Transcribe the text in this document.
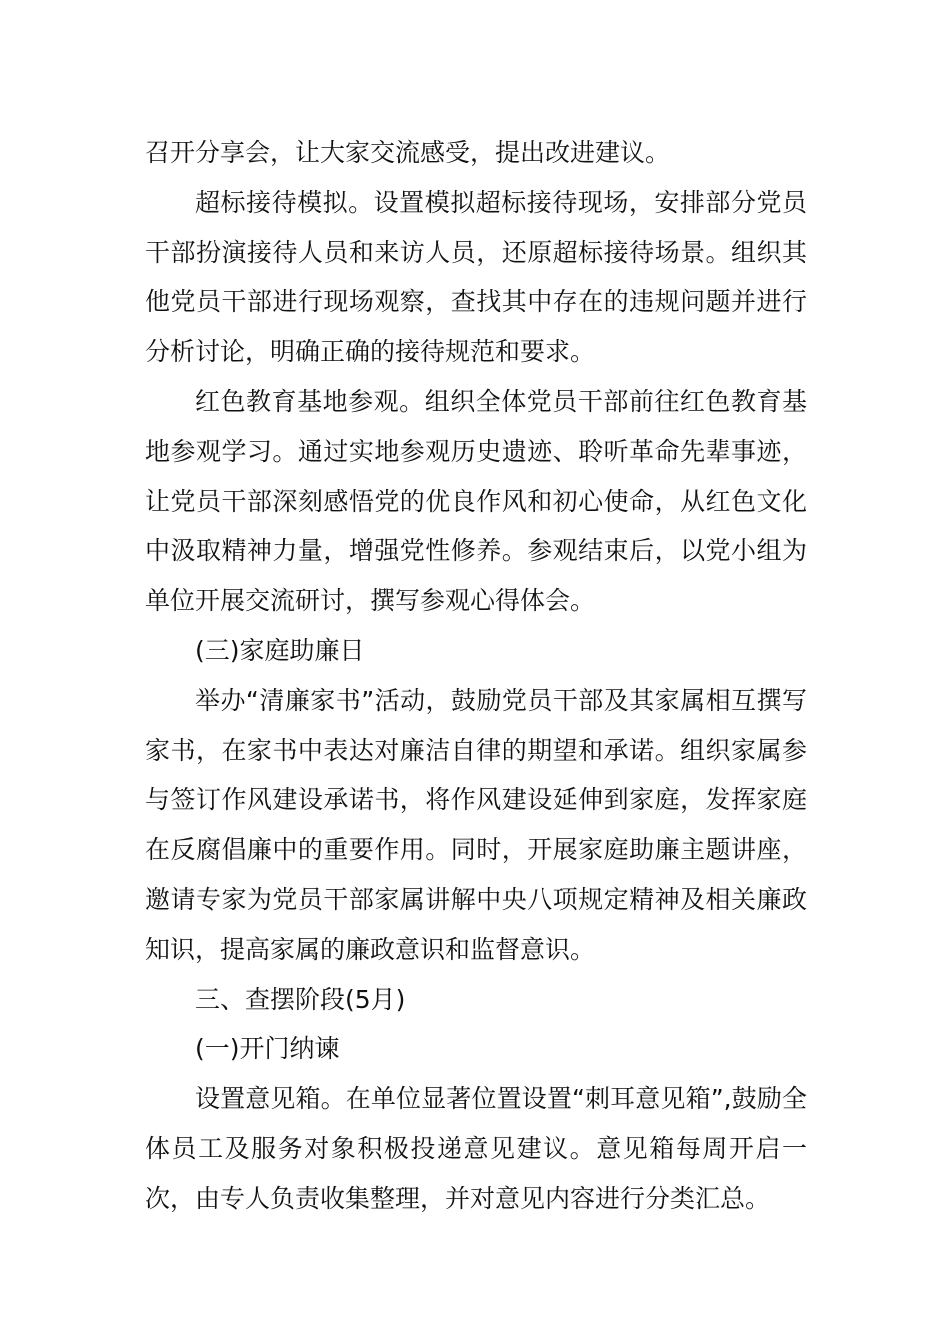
召开分享会，让大家交流感受，提出改进建议。

超标接待模拟。设置模拟超标接待现场，安排部分党员干部扮演接待人员和来访人员，还原超标接待场景。组织其他党员干部进行现场观察，查找其中存在的违规问题并进行分析讨论，明确正确的接待规范和要求。

红色教育基地参观。组织全体党员干部前往红色教育基地参观学习。通过实地参观历史遗迹、聆听革命先辈事迹，让党员干部深刻感悟党的优良作风和初心使命，从红色文化中汲取精神力量，增强党性修养。参观结束后，以党小组为单位开展交流研讨，撰写参观心得体会。

(三)家庭助廉日

举办“清廉家书”活动，鼓励党员干部及其家属相互撰写家书，在家书中表达对廉洁自律的期望和承诺。组织家属参与签订作风建设承诺书，将作风建设延伸到家庭，发挥家庭在反腐倡廉中的重要作用。同时，开展家庭助廉主题讲座，邀请专家为党员干部家属讲解中央八项规定精神及相关廉政知识，提高家属的廉政意识和监督意识。

三、查摆阶段(5月)

(一)开门纳谏

设置意见箱。在单位显著位置设置“刺耳意见箱”,鼓励全体员工及服务对象积极投递意见建议。意见箱每周开启一次，由专人负责收集整理，并对意见内容进行分类汇总。
